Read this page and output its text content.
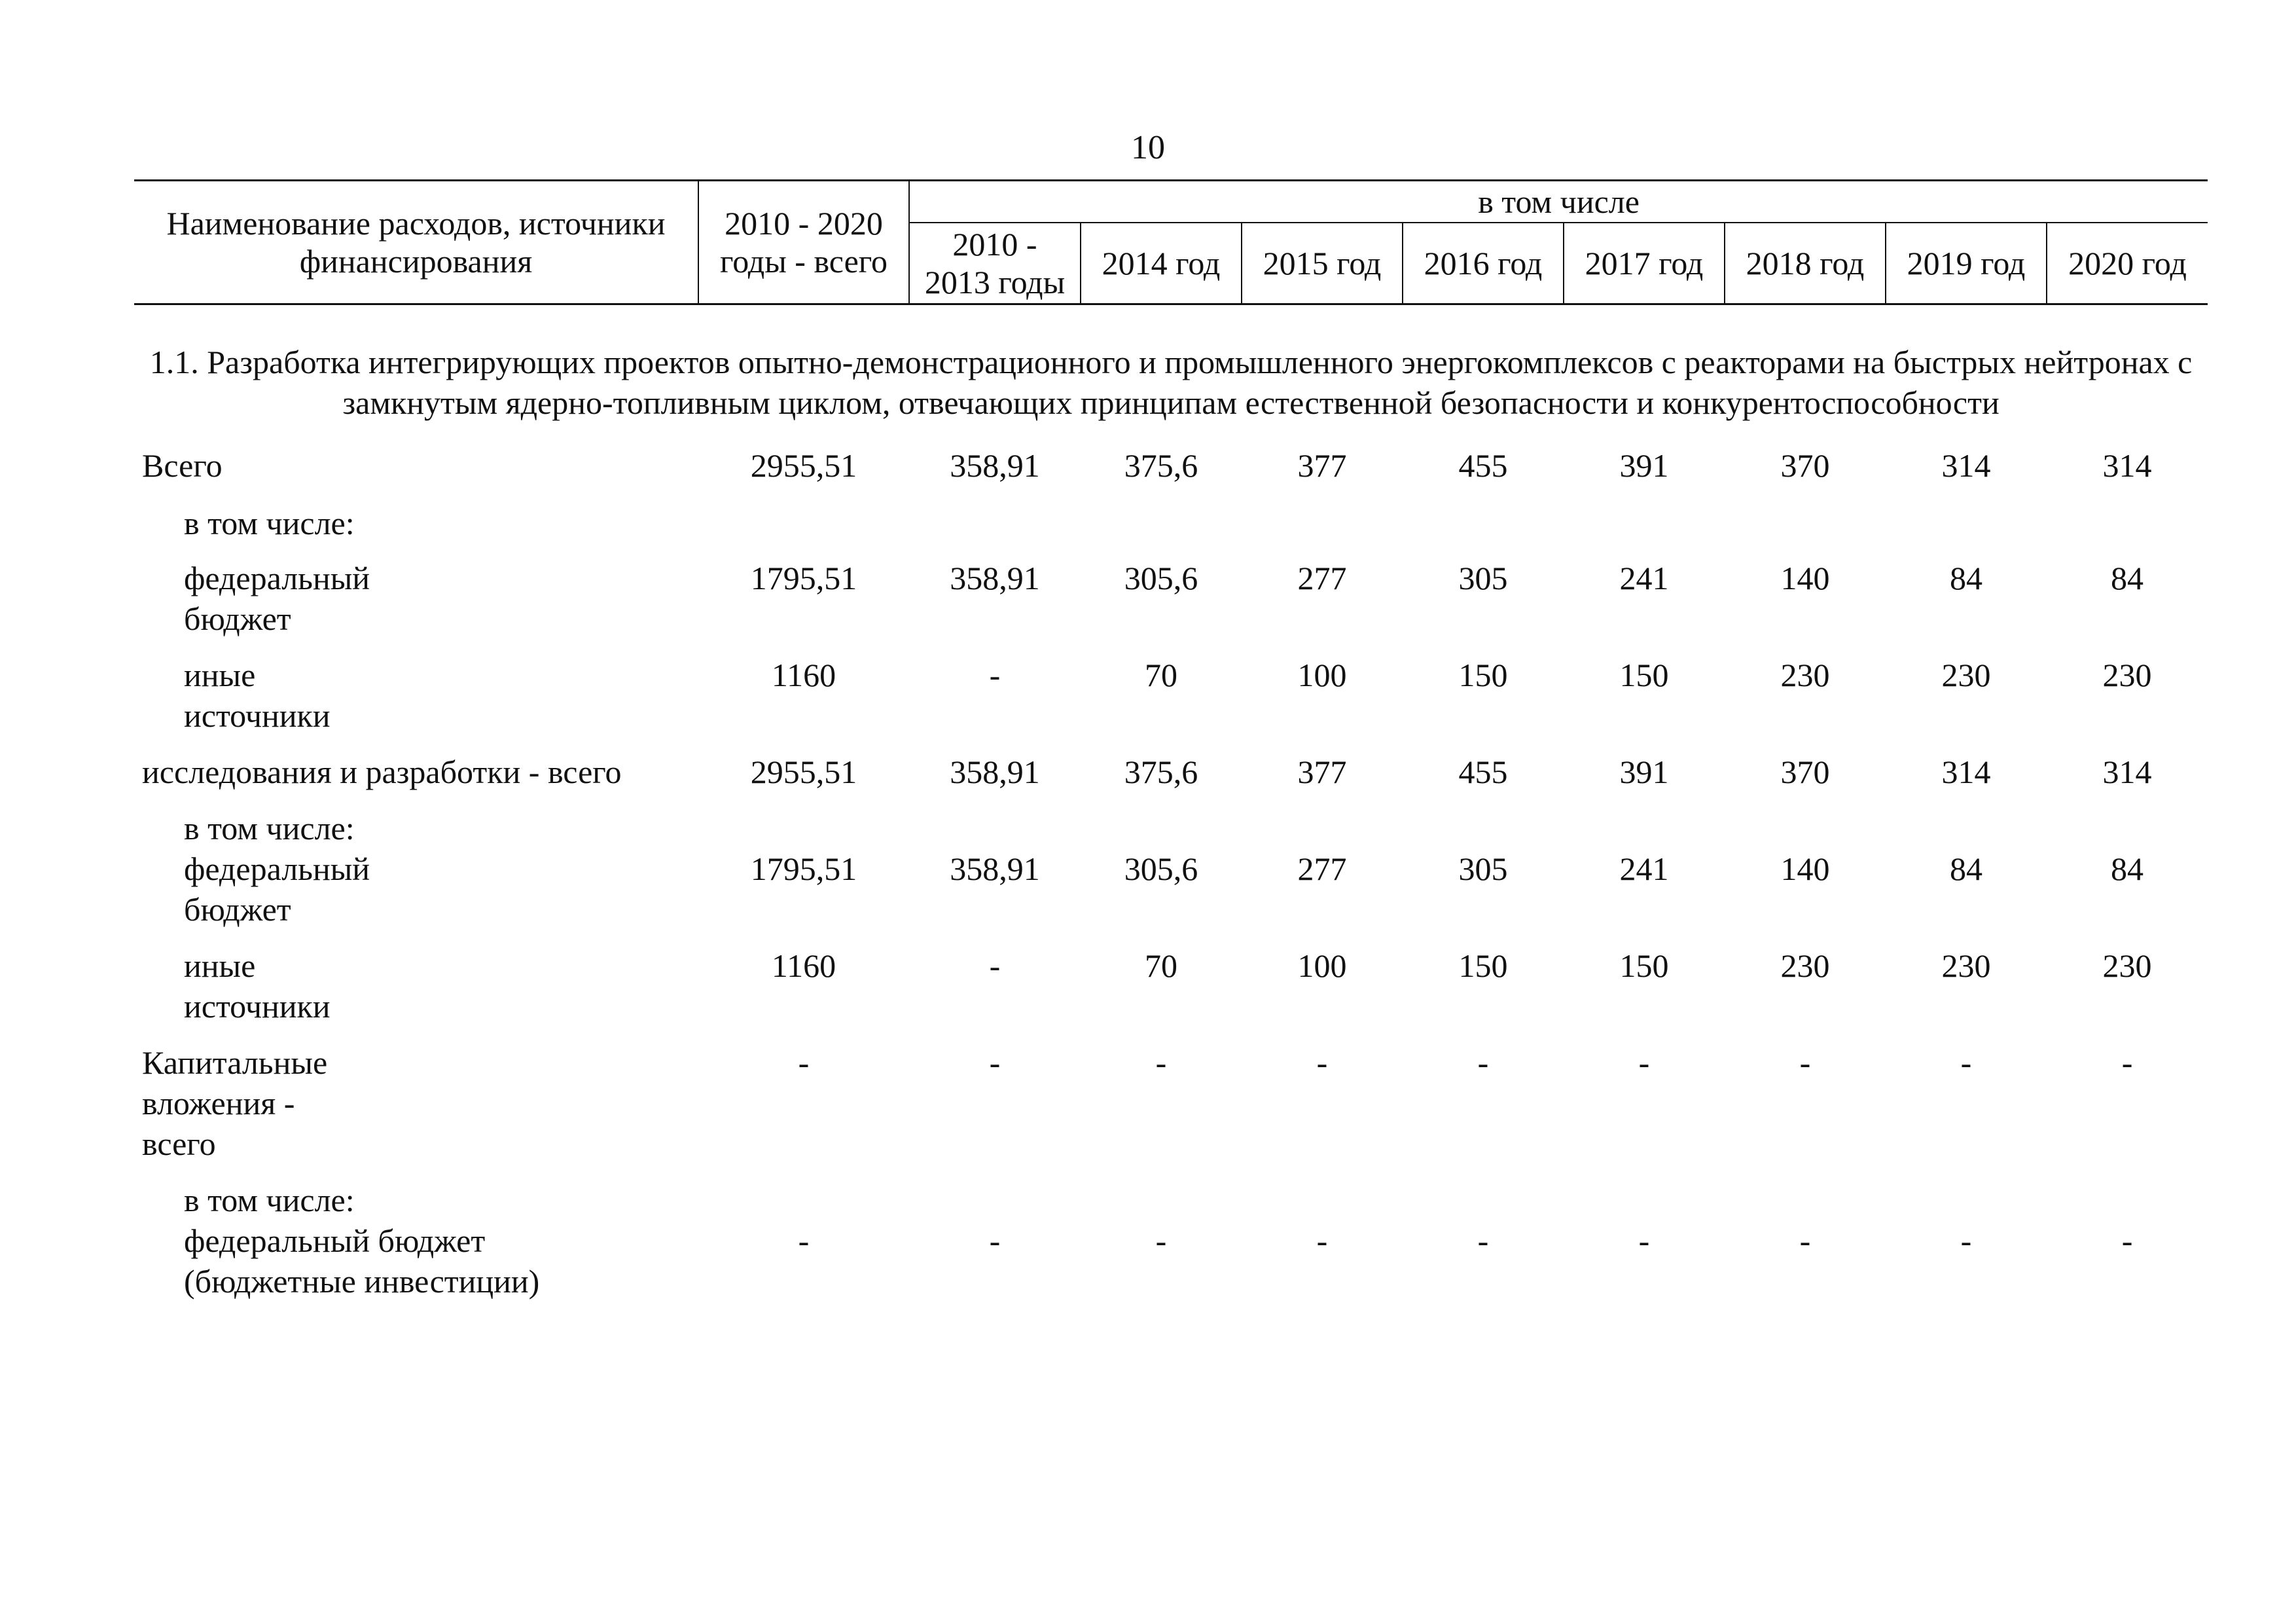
10
Наименование расходов, источники финансирования	2010 - 2020 годы - всего	в том числе							
		2010 - 2013 годы	2014 год	2015 год	2016 год	2017 год	2018 год	2019 год	2020 год
1.1. Разработка интегрирующих проектов опытно-демонстрационного и промышленного энергокомплексов с реакторами на быстрых нейтронах с замкнутым ядерно-топливным циклом, отвечающих принципам естественной безопасности и конкурентоспособности									
Всего	2955,51	358,91	375,6	377	455	391	370	314	314
в том числе:									

федеральный бюджет	1795,51	358,91	305,6	277	305	241	140	84	84

иные источники	1160	-	70	100	150	150	230	230	230

исследования и разработки - всего	2955,51	358,91	375,6	377	455	391	370	314	314

в том числе:
федеральный бюджет	1795,51	358,91	305,6	277	305	241	140	84	84

иные источники	1160	-	70	100	150	150	230	230	230

Капитальные вложения - всего	-	-	-	-	-	-	-	-	-

в том числе:
федеральный бюджет (бюджетные инвестиции)	-	-	-	-	-	-	-	-	-
